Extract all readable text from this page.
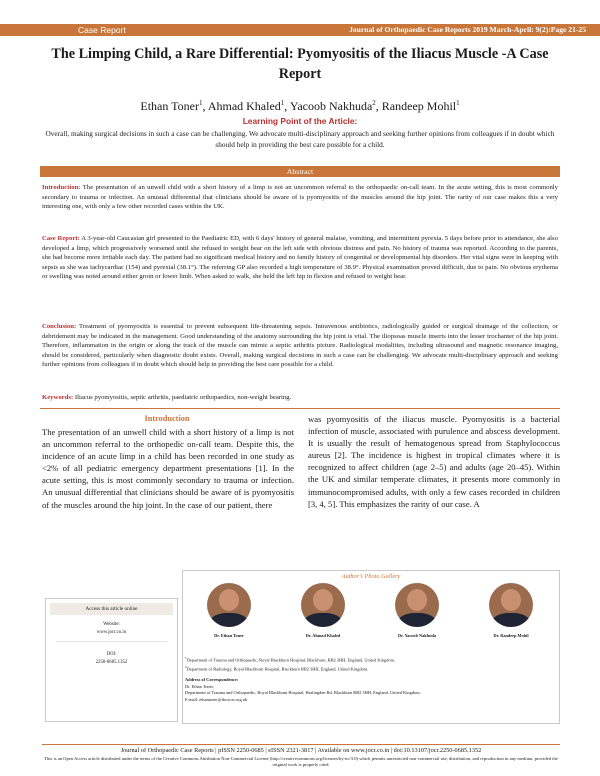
Case Report	Journal of Orthopaedic Case Reports 2019 March-April: 9(2):Page 21-25
The Limping Child, a Rare Differential: Pyomyositis of the Iliacus Muscle -A Case Report
Ethan Toner$^1$, Ahmad Khaled$^1$, Yacoob Nakhuda$^2$, Randeep Mohil$^1$
Learning Point of the Article:
Overall, making surgical decisions in such a case can be challenging. We advocate multi-disciplinary approach and seeking further opinions from colleagues if in doubt which should help in providing the best care possible for a child.
Abstract
Introduction: The presentation of an unwell child with a short history of a limp is not an uncommon referral to the orthopaedic on-call team. In the acute setting, this is most commonly secondary to trauma or infection. An unusual differential that clinicians should be aware of is pyomyositis of the muscles around the hip joint. The rarity of our case makes this a very interesting one, with only a few other recorded cases within the UK.
Case Report: A 3-year-old Caucasian girl presented to the Paediatric ED, with 6 days' history of general malaise, vomiting, and intermittent pyrexia. 5 days before prior to attendance, she also developed a limp, which progressively worsened until she refused to weight bear on the left side with obvious distress and pain. No history of trauma was reported. According to the parents, she had become more irritable each day. The patient had no significant medical history and no family history of congenital or developmental hip disorders. Her vital signs were in keeping with sepsis as she was tachycardiac (154) and pyrexial (38.1°). The referring GP also recorded a high temperature of 38.9°. Physical examination proved difficult, due to pain. No obvious erythema or swelling was noted around either groin or lower limb. When asked to walk, she held the left hip in flexion and refused to weight bear.
Conclusion: Treatment of pyomyositis is essential to prevent subsequent life-threatening sepsis. Intravenous antibiotics, radiologically guided or surgical drainage of the collection, or debridement may be indicated in the management. Good understanding of the anatomy surrounding the hip joint is vital. The iliopsoas muscle inserts into the lesser trochanter of the hip joint. Therefore, inflammation in the origin or along the track of the muscle can mimic a septic arthritis picture. Radiological modalities, including ultrasound and magnetic resonance imaging, should be considered, particularly when diagnostic doubt exists. Overall, making surgical decisions in such a case can be challenging. We advocate multi-disciplinary approach and seeking further opinions from colleagues if in doubt which should help in providing the best care possible for a child.
Keywords: Iliacus pyomyositis, septic arthritis, paediatric orthopaedics, non-weight bearing.
Introduction
The presentation of an unwell child with a short history of a limp is not an uncommon referral to the orthopedic on-call team. Despite this, the incidence of an acute limp in a child has been recorded in one study as <2% of all pediatric emergency department presentations [1]. In the acute setting, this is most commonly secondary to trauma or infection. An unusual differential that clinicians should be aware of is pyomyositis of the muscles around the hip joint. In the case of our patient, there
was pyomyositis of the iliacus muscle. Pyomyositis is a bacterial infection of muscle, associated with purulence and abscess development. It is usually the result of hematogenous spread from Staphylococcus aureus [2]. The incidence is highest in tropical climates where it is recognized to affect children (age 2–5) and adults (age 20–45). Within the UK and similar temperate climates, it presents more commonly in immunocompromised adults, with only a few cases recorded in children [3, 4, 5]. This emphasizes the rarity of our case. A
Access this article online
Website:
www.jocr.co.in
DOI:
2250-0685.1352
Author's Photo Gallery
Dr. Ethan Toner	Dr. Ahmad Khaled	Dr. Yacoob Nakhuda	Dr. Randeep Mohil
$^1$Department of Trauma and Orthopaedic, Royal Blackburn Hospital, Blackburn, BB2 3HH, England, United Kingdom.
$^2$Department of Radiology, Royal Blackburn Hospital, Blackburn BB2 3HH, England, United Kingdom.
Address of Correspondence:
Dr. Ethan Toner,
Department of Trauma and Orthopaedic, Royal Blackburn Hospital, Haslingden Rd, Blackburn BB2 3HH, England, United Kingdom.
E-mail: ethantoner@doctors.org.uk
Journal of Orthopaedic Case Reports | pISSN 2250-0685 | eISSN 2321-3817 | Available on www.jocr.co.in | doi:10.13107/jocr.2250-0685.1352
This is an Open Access article distributed under the terms of the Creative Commons Attribution Non-Commercial License (http://creativecommons.org/licenses/by-nc/3.0) which permits unrestricted non-commercial use, distribution, and reproduction in any medium, provided the original work is properly cited.
